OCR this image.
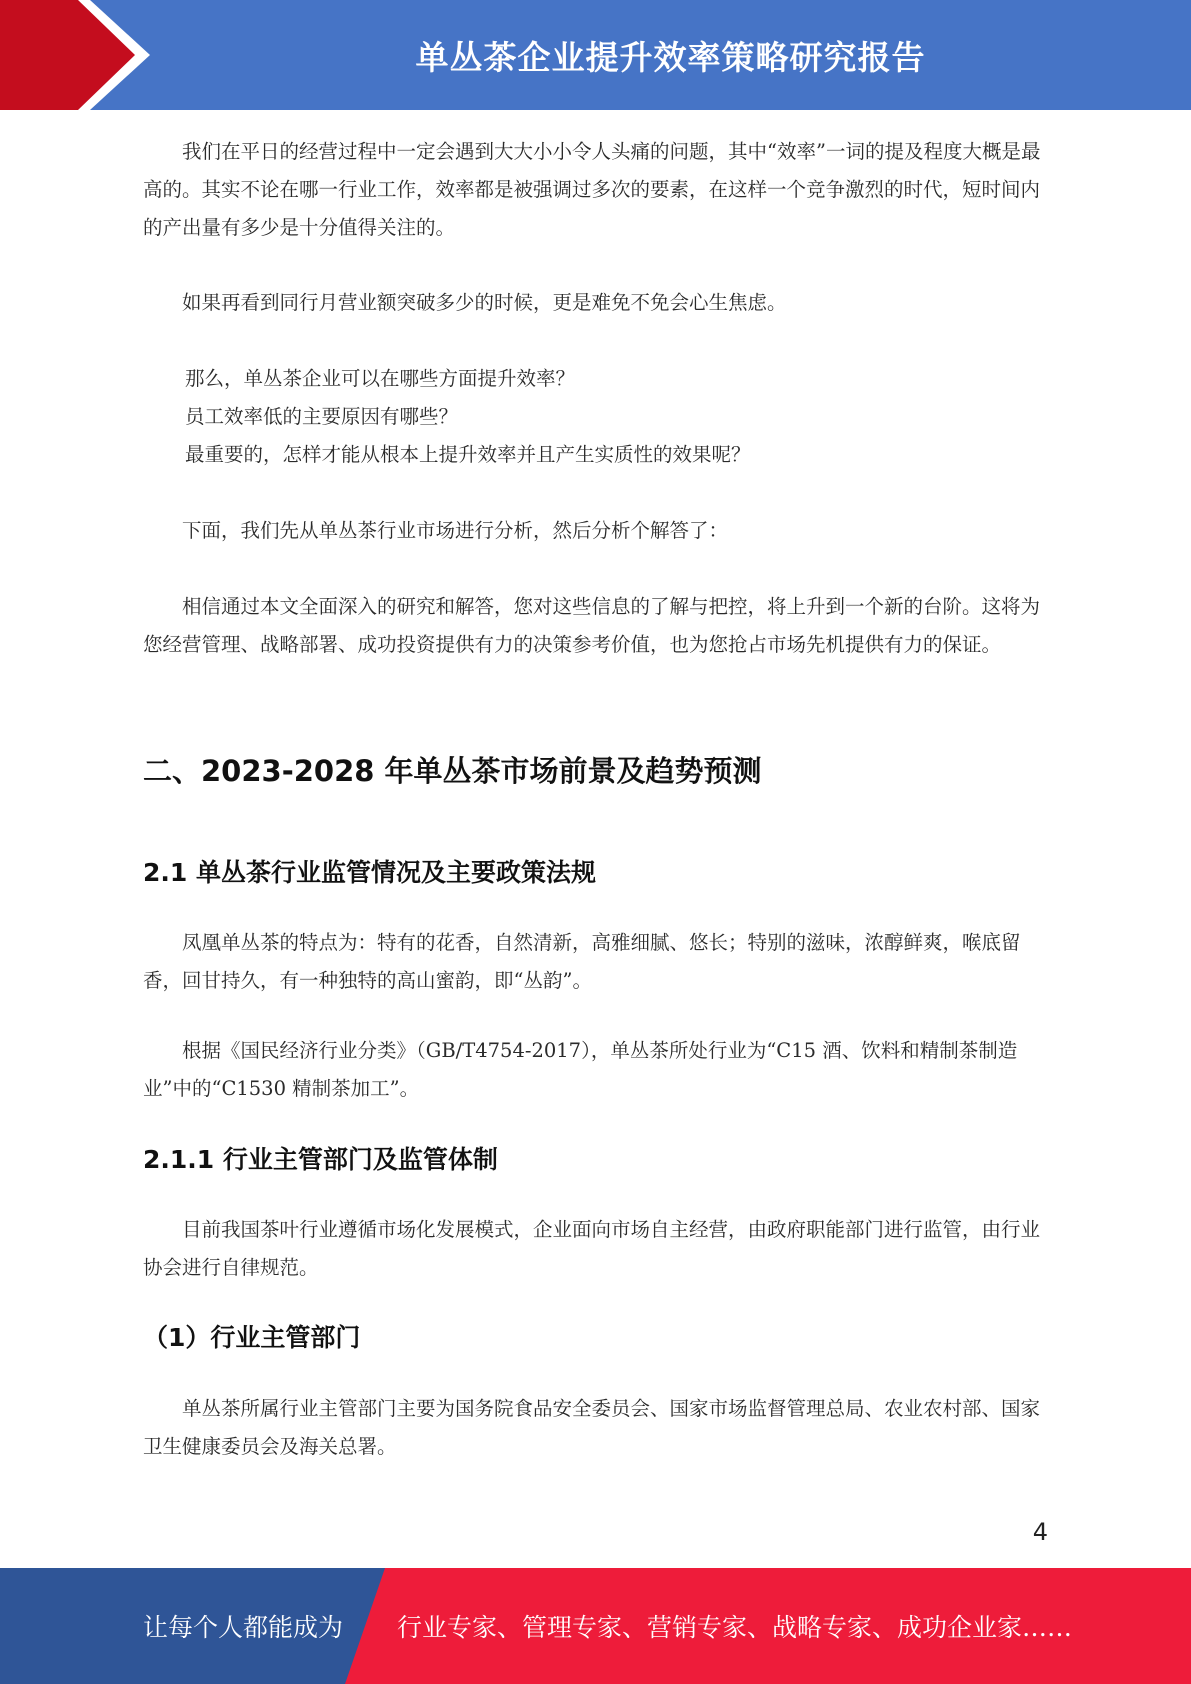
单丛茶企业提升效率策略研究报告

我们在平日的经营过程中一定会遇到大大小小令人头痛的问题，其中“效率”一词的提及程度大概是最高的。其实不论在哪一行业工作，效率都是被强调过多次的要素，在这样一个竞争激烈的时代，短时间内的产出量有多少是十分值得关注的。

如果再看到同行月营业额突破多少的时候，更是难免不免会心生焦虑。

那么，单丛茶企业可以在哪些方面提升效率？
员工效率低的主要原因有哪些？
最重要的，怎样才能从根本上提升效率并且产生实质性的效果呢？

下面，我们先从单丛茶行业市场进行分析，然后分析个解答了：

相信通过本文全面深入的研究和解答，您对这些信息的了解与把控，将上升到一个新的台阶。这将为您经营管理、战略部署、成功投资提供有力的决策参考价值，也为您抢占市场先机提供有力的保证。

二、2023-2028 年单丛茶市场前景及趋势预测
2.1 单丛茶行业监管情况及主要政策法规

凤凰单丛茶的特点为：特有的花香，自然清新，高雅细腻、悠长；特别的滋味，浓醇鲜爽，喉底留香，回甘持久，有一种独特的高山蜜韵，即“丛韵”。

根据《国民经济行业分类》（GB/T4754-2017），单丛茶所处行业为“C15 酒、饮料和精制茶制造业”中的“C1530 精制茶加工”。

2.1.1 行业主管部门及监管体制

目前我国茶叶行业遵循市场化发展模式，企业面向市场自主经营，由政府职能部门进行监管，由行业协会进行自律规范。

（1）行业主管部门

单丛茶所属行业主管部门主要为国务院食品安全委员会、国家市场监督管理总局、农业农村部、国家卫生健康委员会及海关总署。

4
让每个人都能成为 行业专家、管理专家、营销专家、战略专家、成功企业家……
